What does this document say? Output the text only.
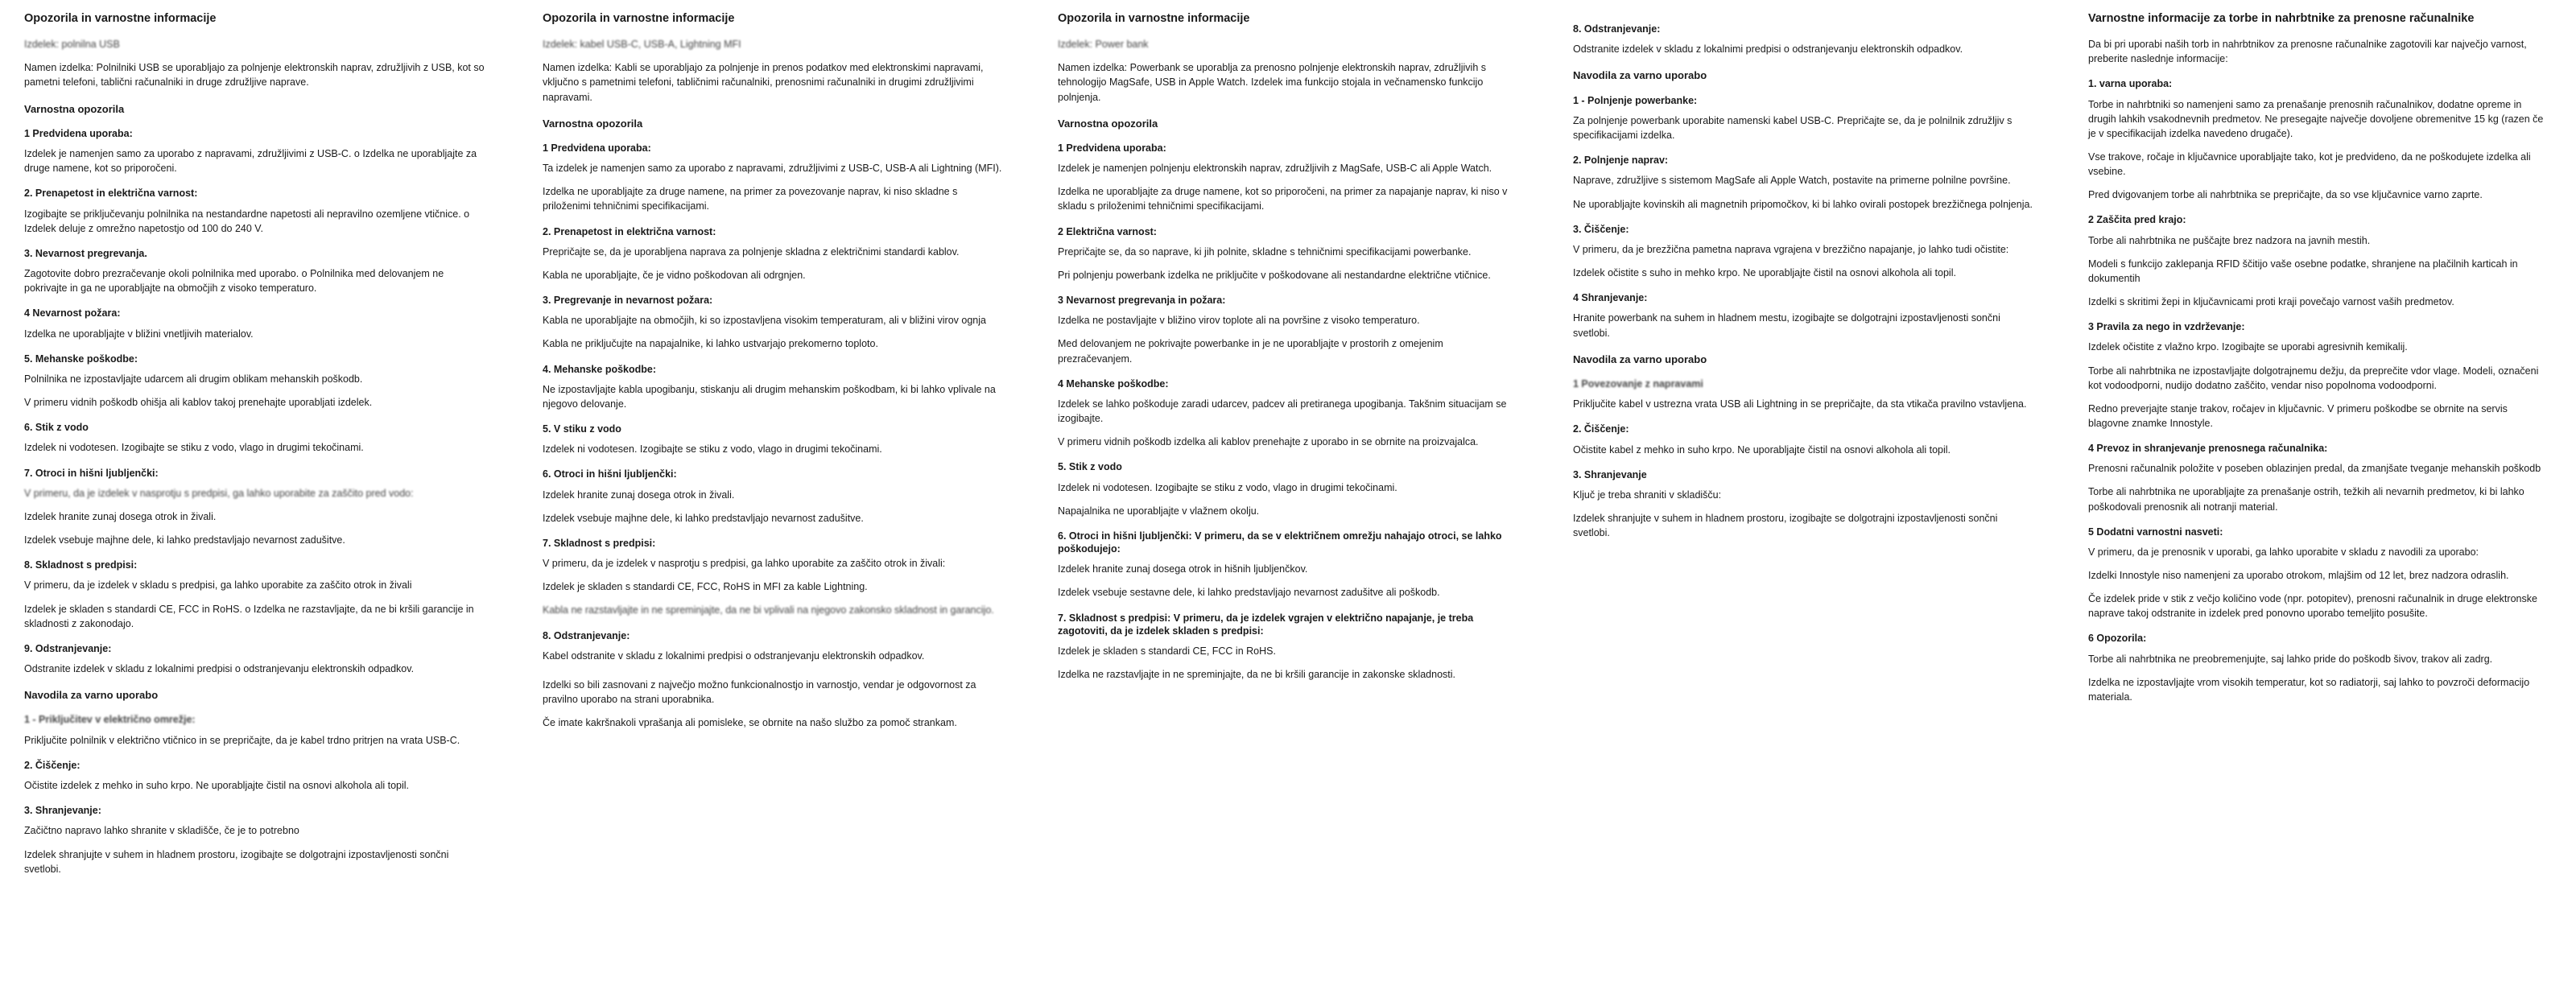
Opozorila in varnostne informacije

Izdelek: polnilna USB

Namen izdelka: Polnilniki USB se uporabljajo za polnjenje elektronskih naprav, združljivih z USB, kot so pametni telefoni, tablični računalniki in druge združljive naprave.

Varnostna opozorila
1 Predvidena uporaba:

Izdelek je namenjen samo za uporabo z napravami, združljivimi z USB-C. o Izdelka ne uporabljajte za druge namene, kot so priporočeni.

2. Prenapetost in električna varnost:

Izogibajte se priključevanju polnilnika na nestandardne napetosti ali nepravilno ozemljene vtičnice. o Izdelek deluje z omrežno napetostjo od 100 do 240 V.

3. Nevarnost pregrevanja.

Zagotovite dobro prezračevanje okoli polnilnika med uporabo. o Polnilnika med delovanjem ne pokrivajte in ga ne uporabljajte na območjih z visoko temperaturo.

4 Nevarnost požara:

Izdelka ne uporabljajte v bližini vnetljivih materialov.

5. Mehanske poškodbe:

Polnilnika ne izpostavljajte udarcem ali drugim oblikam mehanskih poškodb.

V primeru vidnih poškodb ohišja ali kablov takoj prenehajte uporabljati izdelek.

6. Stik z vodo

Izdelek ni vodotesen. Izogibajte se stiku z vodo, vlago in drugimi tekočinami.

7. Otroci in hišni ljubljenčki:

V primeru, da je izdelek v nasprotju s predpisi, ga lahko uporabite za zaščito pred vodo:

Izdelek hranite zunaj dosega otrok in živali.

Izdelek vsebuje majhne dele, ki lahko predstavljajo nevarnost zadušitve.

8. Skladnost s predpisi:

V primeru, da je izdelek v skladu s predpisi, ga lahko uporabite za zaščito otrok in živali

Izdelek je skladen s standardi CE, FCC in RoHS. o Izdelka ne razstavljajte, da ne bi kršili garancije in skladnosti z zakonodajo.

9. Odstranjevanje:

Odstranite izdelek v skladu z lokalnimi predpisi o odstranjevanju elektronskih odpadkov.

Navodila za varno uporabo
1 - Priključitev v električno omrežje:

Priključite polnilnik v električno vtičnico in se prepričajte, da je kabel trdno pritrjen na vrata USB-C.

2. Čiščenje:

Očistite izdelek z mehko in suho krpo. Ne uporabljajte čistil na osnovi alkohola ali topil.

3. Shranjevanje:

Začičtno napravo lahko shranite v skladišče, če je to potrebno

Izdelek shranjujte v suhem in hladnem prostoru, izogibajte se dolgotrajni izpostavljenosti sončni svetlobi.

Opozorila in varnostne informacije

Izdelek: kabel USB-C, USB-A, Lightning MFI

Namen izdelka: Kabli se uporabljajo za polnjenje in prenos podatkov med elektronskimi napravami, vključno s pametnimi telefoni, tabličnimi računalniki, prenosnimi računalniki in drugimi združljivimi napravami.

Varnostna opozorila
1 Predvidena uporaba:

Ta izdelek je namenjen samo za uporabo z napravami, združljivimi z USB-C, USB-A ali Lightning (MFI).

Izdelka ne uporabljajte za druge namene, na primer za povezovanje naprav, ki niso skladne s priloženimi tehničnimi specifikacijami.

2. Prenapetost in električna varnost:

Prepričajte se, da je uporabljena naprava za polnjenje skladna z električnimi standardi kablov.

Kabla ne uporabljajte, če je vidno poškodovan ali odrgnjen.

3. Pregrevanje in nevarnost požara:

Kabla ne uporabljajte na območjih, ki so izpostavljena visokim temperaturam, ali v bližini virov ognja

Kabla ne priključujte na napajalnike, ki lahko ustvarjajo prekomerno toploto.

4. Mehanske poškodbe:

Ne izpostavljajte kabla upogibanju, stiskanju ali drugim mehanskim poškodbam, ki bi lahko vplivale na njegovo delovanje.

5. V stiku z vodo

Izdelek ni vodotesen. Izogibajte se stiku z vodo, vlago in drugimi tekočinami.

6. Otroci in hišni ljubljenčki:

Izdelek hranite zunaj dosega otrok in živali.

Izdelek vsebuje majhne dele, ki lahko predstavljajo nevarnost zadušitve.

7. Skladnost s predpisi:

V primeru, da je izdelek v nasprotju s predpisi, ga lahko uporabite za zaščito otrok in živali:

Izdelek je skladen s standardi CE, FCC, RoHS in MFI za kable Lightning.

Kabla ne razstavljajte in ne spreminjajte, da ne bi vplivali na njegovo zakonsko skladnost in garancijo.

8. Odstranjevanje:

Kabel odstranite v skladu z lokalnimi predpisi o odstranjevanju elektronskih odpadkov.

Izdelki so bili zasnovani z največjo možno funkcionalnostjo in varnostjo, vendar je odgovornost za pravilno uporabo na strani uporabnika.

Če imate kakršnakoli vprašanja ali pomisleke, se obrnite na našo službo za pomoč strankam.

Opozorila in varnostne informacije

Izdelek: Power bank

Namen izdelka: Powerbank se uporablja za prenosno polnjenje elektronskih naprav, združljivih s tehnologijo MagSafe, USB in Apple Watch. Izdelek ima funkcijo stojala in večnamensko funkcijo polnjenja.

Varnostna opozorila
1 Predvidena uporaba:

Izdelek je namenjen polnjenju elektronskih naprav, združljivih z MagSafe, USB-C ali Apple Watch.

Izdelka ne uporabljajte za druge namene, kot so priporočeni, na primer za napajanje naprav, ki niso v skladu s priloženimi tehničnimi specifikacijami.

2 Električna varnost:

Prepričajte se, da so naprave, ki jih polnite, skladne s tehničnimi specifikacijami powerbanke.

Pri polnjenju powerbank izdelka ne priključite v poškodovane ali nestandardne električne vtičnice.

3 Nevarnost pregrevanja in požara:

Izdelka ne postavljajte v bližino virov toplote ali na površine z visoko temperaturo.

Med delovanjem ne pokrivajte powerbanke in je ne uporabljajte v prostorih z omejenim prezračevanjem.

4 Mehanske poškodbe:

Izdelek se lahko poškoduje zaradi udarcev, padcev ali pretiranega upogibanja. Takšnim situacijam se izogibajte.

V primeru vidnih poškodb izdelka ali kablov prenehajte z uporabo in se obrnite na proizvajalca.

5. Stik z vodo

Izdelek ni vodotesen. Izogibajte se stiku z vodo, vlago in drugimi tekočinami.

Napajalnika ne uporabljajte v vlažnem okolju.

6. Otroci in hišni ljubljenčki: V primeru, da se v električnem omrežju nahajajo otroci, se lahko poškodujejo:

Izdelek hranite zunaj dosega otrok in hišnih ljubljenčkov.

Izdelek vsebuje sestavne dele, ki lahko predstavljajo nevarnost zadušitve ali poškodb.

7. Skladnost s predpisi: V primeru, da je izdelek vgrajen v električno napajanje, je treba zagotoviti, da je izdelek skladen s predpisi:

Izdelek je skladen s standardi CE, FCC in RoHS.

Izdelka ne razstavljajte in ne spreminjajte, da ne bi kršili garancije in zakonske skladnosti.

8. Odstranjevanje:

Odstranite izdelek v skladu z lokalnimi predpisi o odstranjevanju elektronskih odpadkov.

Navodila za varno uporabo
1 - Polnjenje powerbanke:

Za polnjenje powerbank uporabite namenski kabel USB-C. Prepričajte se, da je polnilnik združljiv s specifikacijami izdelka.

2. Polnjenje naprav:

Naprave, združljive s sistemom MagSafe ali Apple Watch, postavite na primerne polnilne površine.

Ne uporabljajte kovinskih ali magnetnih pripomočkov, ki bi lahko ovirali postopek brezžičnega polnjenja.

3. Čiščenje:

V primeru, da je brezžična pametna naprava vgrajena v brezžično napajanje, jo lahko tudi očistite:

Izdelek očistite s suho in mehko krpo. Ne uporabljajte čistil na osnovi alkohola ali topil.

4 Shranjevanje:

Hranite powerbank na suhem in hladnem mestu, izogibajte se dolgotrajni izpostavljenosti sončni svetlobi.

Navodila za varno uporabo
1 Povezovanje z napravami

Priključite kabel v ustrezna vrata USB ali Lightning in se prepričajte, da sta vtikača pravilno vstavljena.

2. Čiščenje:

Očistite kabel z mehko in suho krpo. Ne uporabljajte čistil na osnovi alkohola ali topil.

3. Shranjevanje

Ključ je treba shraniti v skladišču:

Izdelek shranjujte v suhem in hladnem prostoru, izogibajte se dolgotrajni izpostavljenosti sončni svetlobi.

Varnostne informacije za torbe in nahrbtnike za prenosne računalnike

Da bi pri uporabi naših torb in nahrbtnikov za prenosne računalnike zagotovili kar največjo varnost, preberite naslednje informacije:

1. varna uporaba:

Torbe in nahrbtniki so namenjeni samo za prenašanje prenosnih računalnikov, dodatne opreme in drugih lahkih vsakodnevnih predmetov. Ne presegajte največje dovoljene obremenitve 15 kg (razen če je v specifikacijah izdelka navedeno drugače).

Vse trakove, ročaje in ključavnice uporabljajte tako, kot je predvideno, da ne poškodujete izdelka ali vsebine.

Pred dvigovanjem torbe ali nahrbtnika se prepričajte, da so vse ključavnice varno zaprte.

2 Zaščita pred krajo:

Torbe ali nahrbtnika ne puščajte brez nadzora na javnih mestih.

Modeli s funkcijo zaklepanja RFID ščitijo vaše osebne podatke, shranjene na plačilnih karticah in dokumentih

Izdelki s skritimi žepi in ključavnicami proti kraji povečajo varnost vaših predmetov.

3 Pravila za nego in vzdrževanje:

Izdelek očistite z vlažno krpo. Izogibajte se uporabi agresivnih kemikalij.

Torbe ali nahrbtnika ne izpostavljajte dolgotrajnemu dežju, da preprečite vdor vlage. Modeli, označeni kot vodoodporni, nudijo dodatno zaščito, vendar niso popolnoma vodoodporni.

Redno preverjajte stanje trakov, ročajev in ključavnic. V primeru poškodbe se obrnite na servis blagovne znamke Innostyle.

4 Prevoz in shranjevanje prenosnega računalnika:

Prenosni računalnik položite v poseben oblazinjen predal, da zmanjšate tveganje mehanskih poškodb

Torbe ali nahrbtnika ne uporabljajte za prenašanje ostrih, težkih ali nevarnih predmetov, ki bi lahko poškodovali prenosnik ali notranji material.

5 Dodatni varnostni nasveti:

V primeru, da je prenosnik v uporabi, ga lahko uporabite v skladu z navodili za uporabo:

Izdelki Innostyle niso namenjeni za uporabo otrokom, mlajšim od 12 let, brez nadzora odraslih.

Če izdelek pride v stik z večjo količino vode (npr. potopitev), prenosni računalnik in druge elektronske naprave takoj odstranite in izdelek pred ponovno uporabo temeljito posušite.

6 Opozorila:

Torbe ali nahrbtnika ne preobremenjujte, saj lahko pride do poškodb šivov, trakov ali zadrg.

Izdelka ne izpostavljajte vrom visokih temperatur, kot so radiatorji, saj lahko to povzroči deformacijo materiala.
